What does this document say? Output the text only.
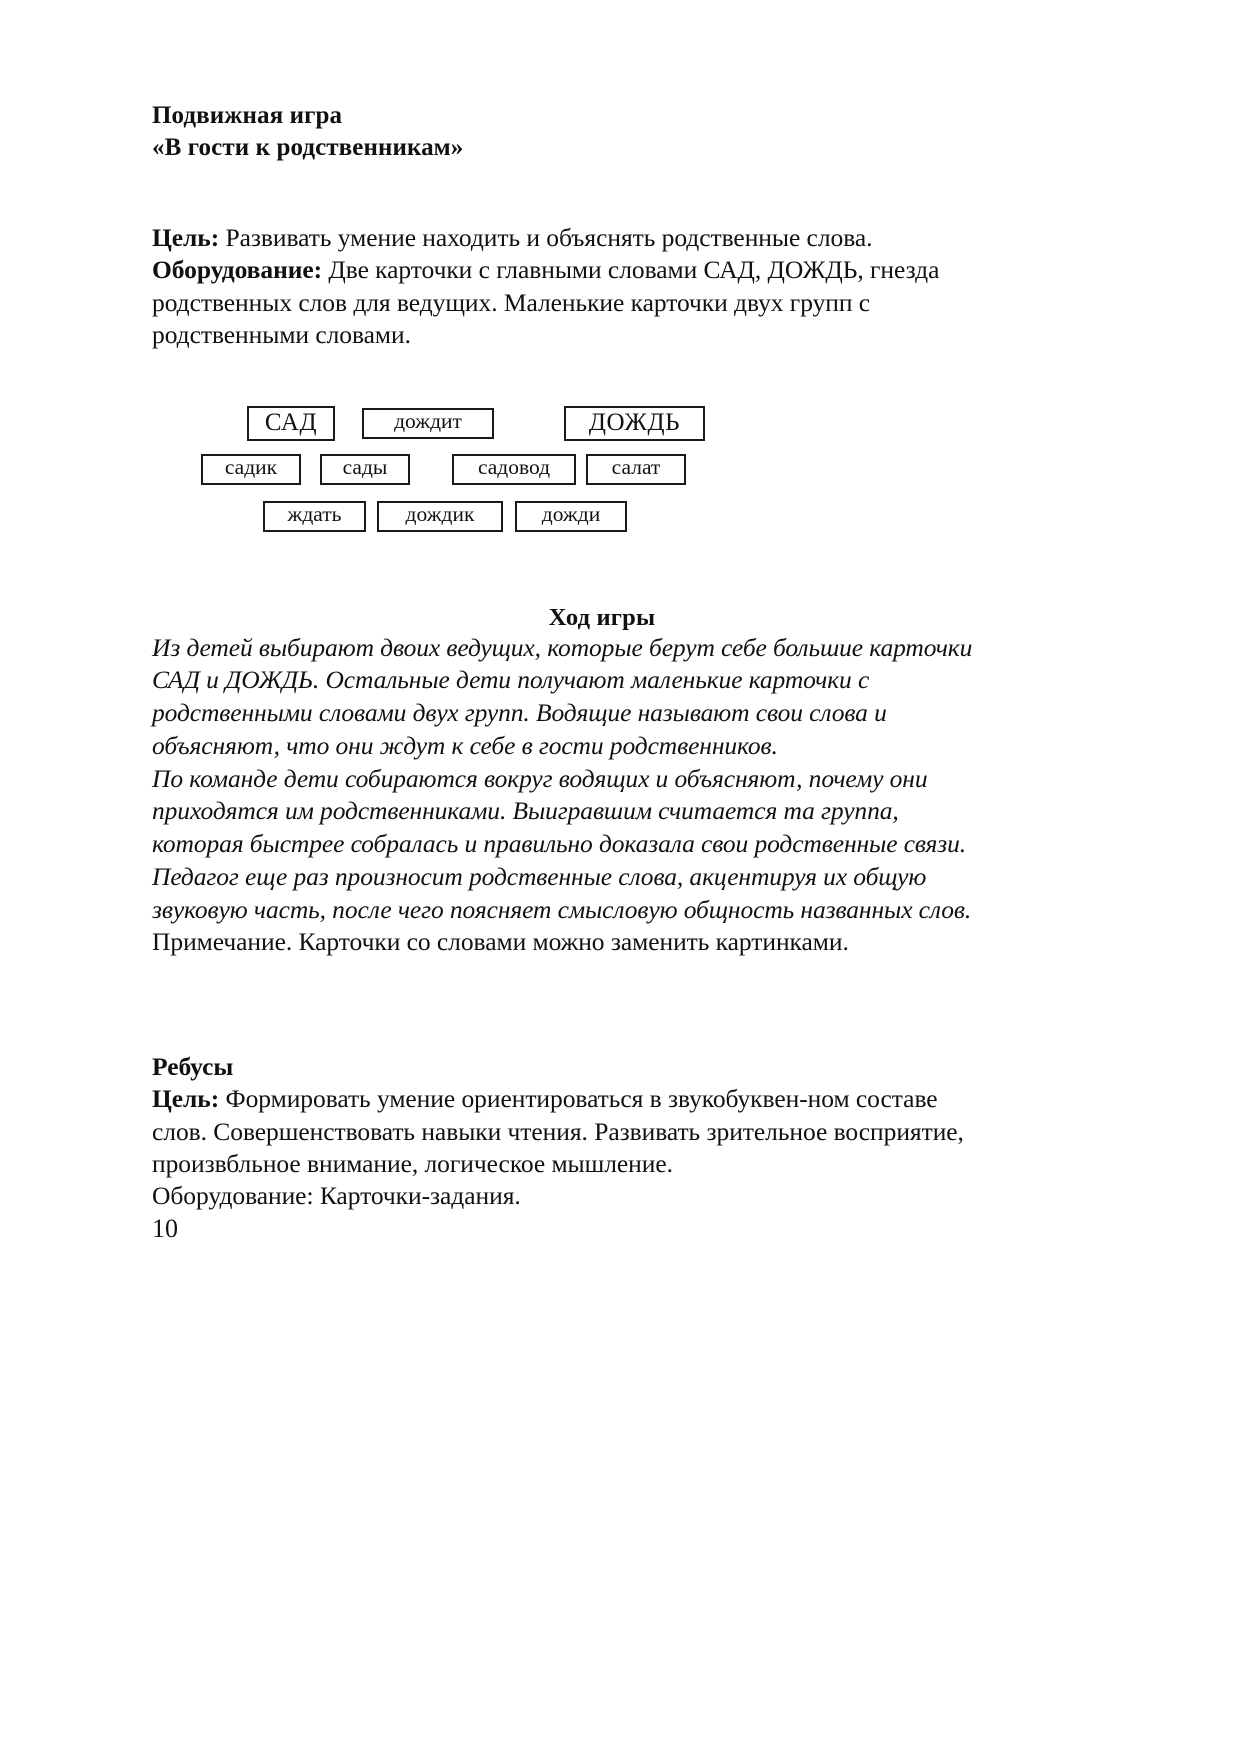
Подвижная игра
«В гости к родственникам»

Цель: Развивать умение находить и объяснять родственные слова.

Оборудование: Две карточки с главными словами САД, ДОЖДЬ, гнезда
родственных слов для ведущих. Маленькие карточки двух групп с
родственными словами.

САД	дождит	ДОЖДЬ
садик	сады	садовод	салат
ждать	дождик	дожди

Ход игры

Из детей выбирают двоих ведущих, которые берут себе большие карточки
САД и ДОЖДЬ. Остальные дети получают маленькие карточки с
родственными словами двух групп. Водящие называют свои слова и
объясняют, что они ждут к себе в гости родственников.
По команде дети собираются вокруг водящих и объясняют, почему они
приходятся им родственниками. Выигравшим считается та группа,
которая быстрее собралась и правильно доказала свои родственные связи.
Педагог еще раз произносит родственные слова, акцентируя их общую
звуковую часть, после чего поясняет смысловую общность названных слов.

Примечание. Карточки со словами можно заменить картинками.

Ребусы

Цель: Формировать умение ориентироваться в звукобуквен-ном составе
слов. Совершенствовать навыки чтения. Развивать зрительное восприятие,
произвбльное внимание, логическое мышление.

Оборудование: Карточки-задания.

10
